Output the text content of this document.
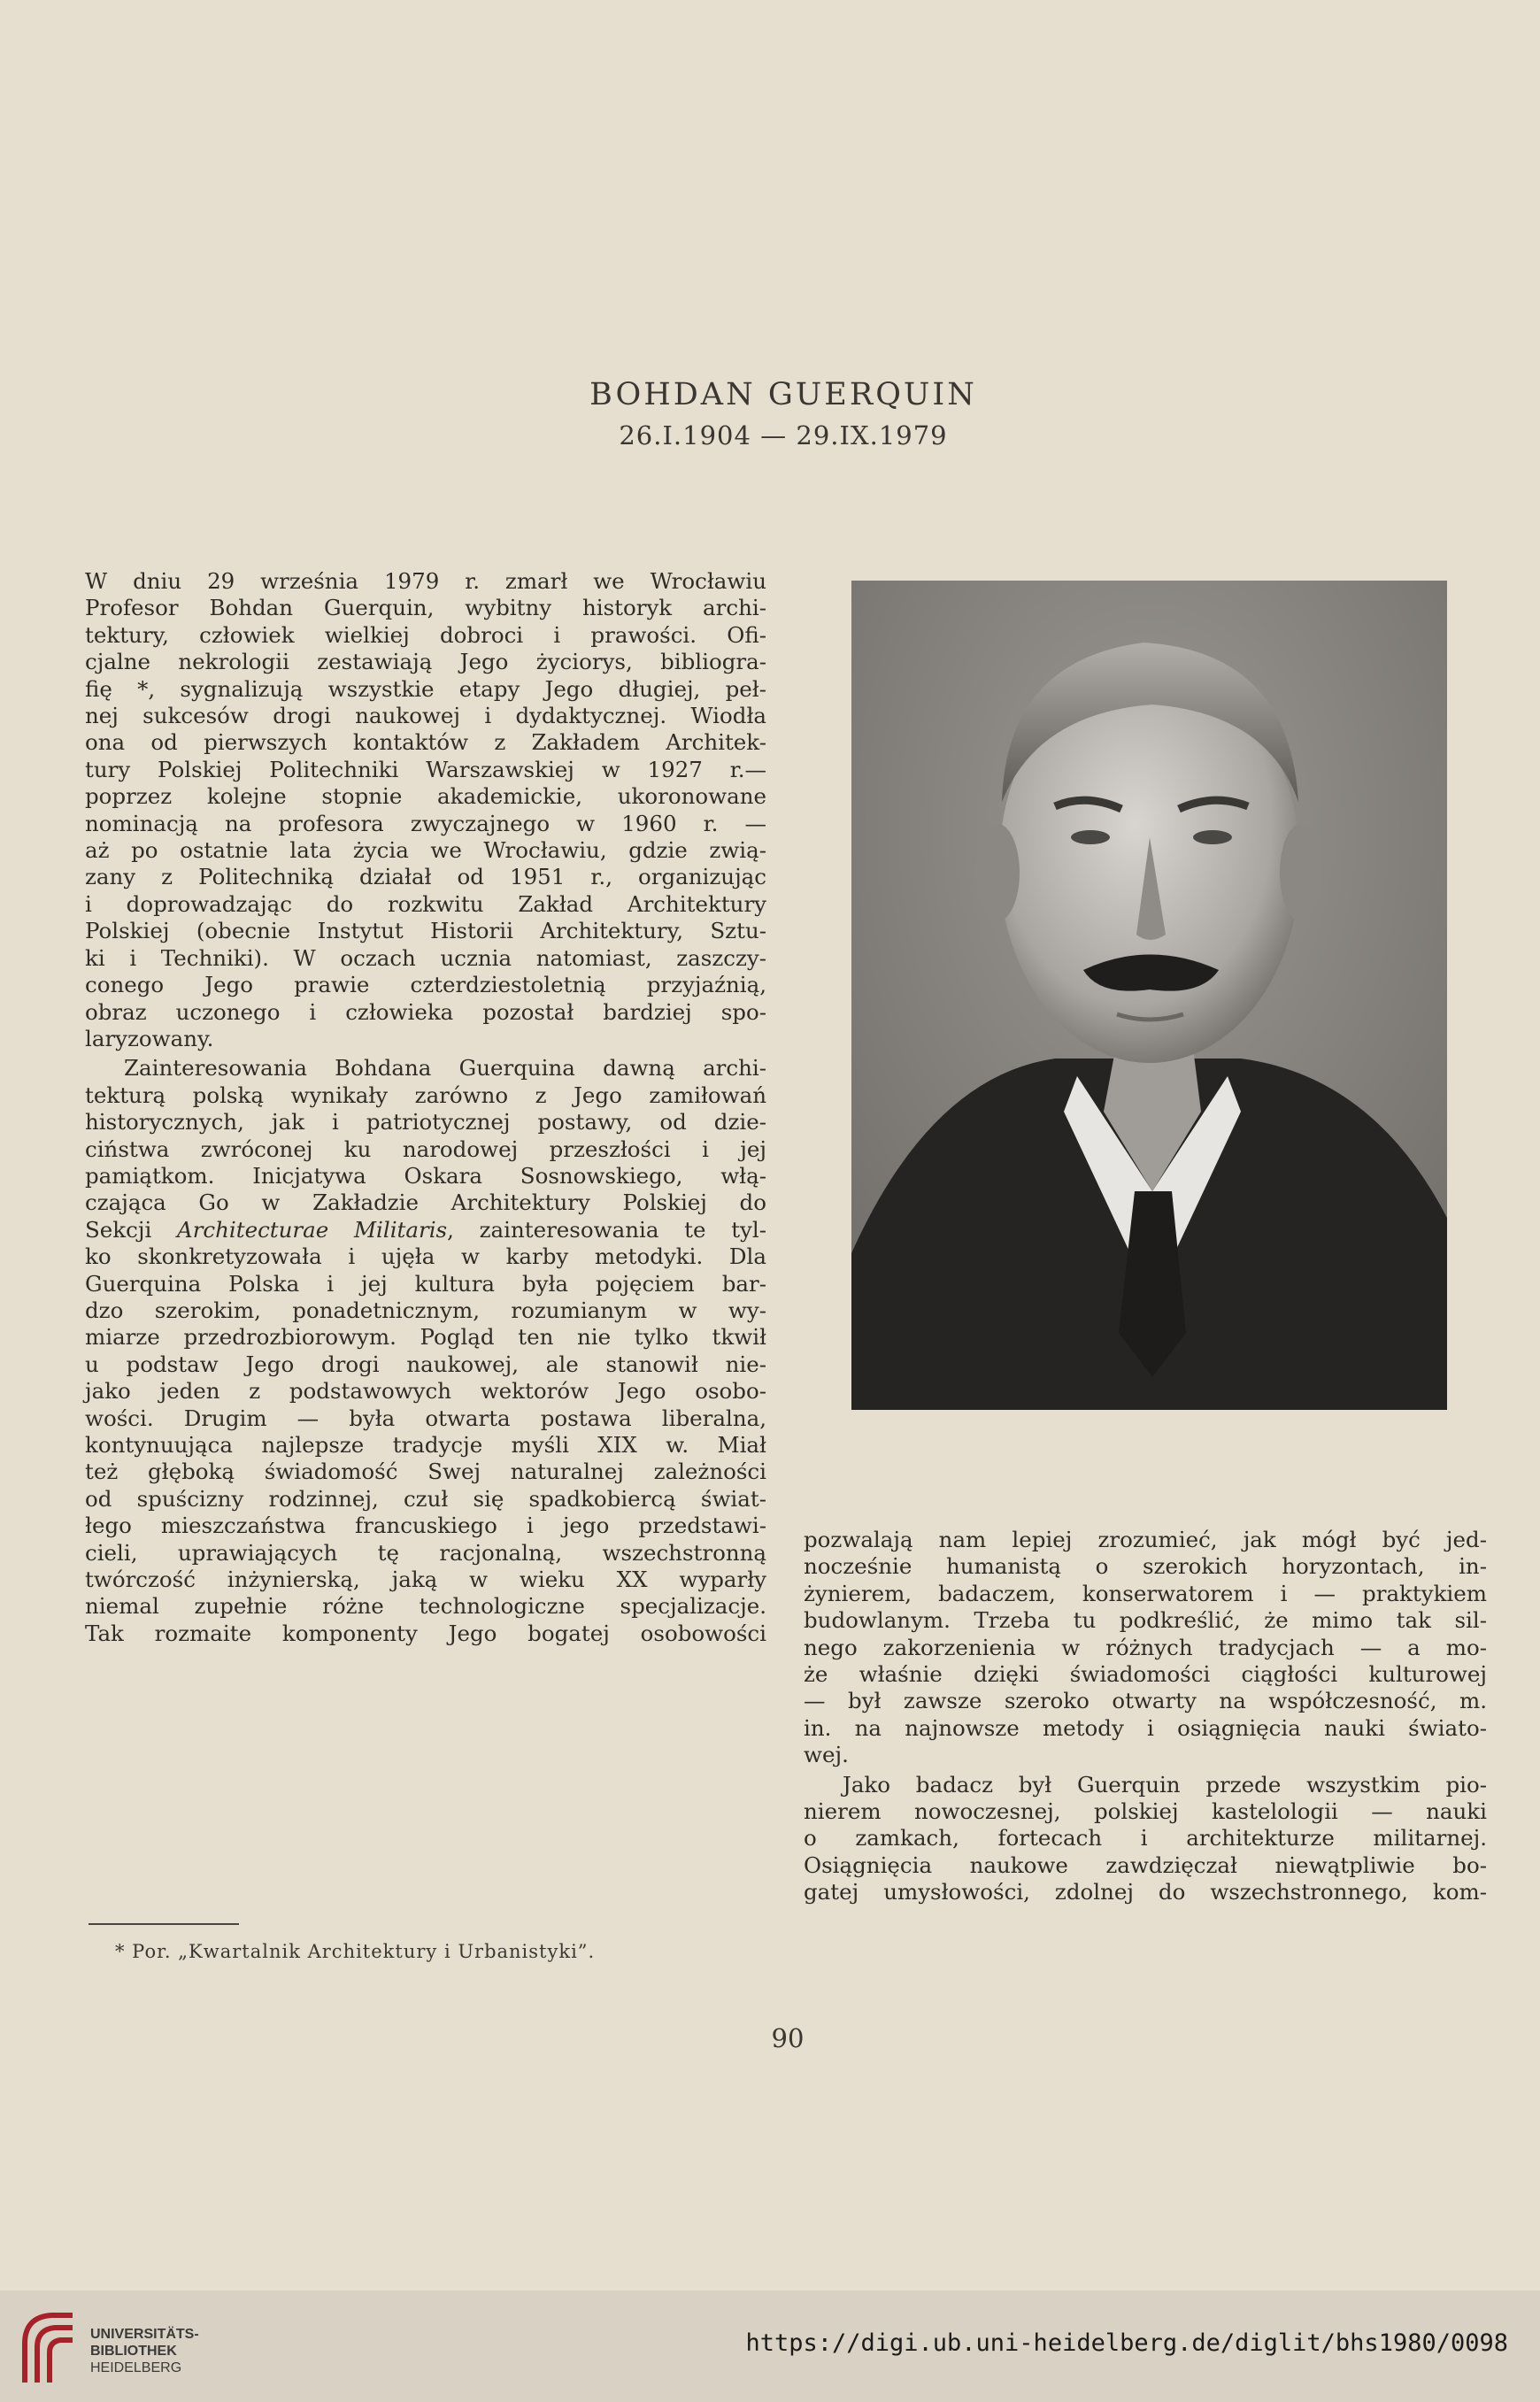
BOHDAN GUERQUIN
26.I.1904 — 29.IX.1979

W dniu 29 września 1979 r. zmarł we Wrocławiu

Profesor Bohdan Guerquin, wybitny historyk archi-

tektury, człowiek wielkiej dobroci i prawości. Ofi-

cjalne nekrologii zestawiają Jego życiorys, bibliogra-

fię *, sygnalizują wszystkie etapy Jego długiej, peł-

nej sukcesów drogi naukowej i dydaktycznej. Wiodła

ona od pierwszych kontaktów z Zakładem Architek-

tury Polskiej Politechniki Warszawskiej w 1927 r.—

poprzez kolejne stopnie akademickie, ukoronowane

nominacją na profesora zwyczajnego w 1960 r. —

aż po ostatnie lata życia we Wrocławiu, gdzie zwią-

zany z Politechniką działał od 1951 r., organizując

i doprowadzając do rozkwitu Zakład Architektury

Polskiej (obecnie Instytut Historii Architektury, Sztu-

ki i Techniki). W oczach ucznia natomiast, zaszczy-

conego Jego prawie czterdziestoletnią przyjaźnią,

obraz uczonego i człowieka pozostał bardziej spo-

laryzowany.

Zainteresowania Bohdana Guerquina dawną archi-

tekturą polską wynikały zarówno z Jego zamiłowań

historycznych, jak i patriotycznej postawy, od dzie-

ciństwa zwróconej ku narodowej przeszłości i jej

pamiątkom. Inicjatywa Oskara Sosnowskiego, włą-

czająca Go w Zakładzie Architektury Polskiej do

Sekcji Architecturae Militaris, zainteresowania te tyl-

ko skonkretyzowała i ujęła w karby metodyki. Dla

Guerquina Polska i jej kultura była pojęciem bar-

dzo szerokim, ponadetnicznym, rozumianym w wy-

miarze przedrozbiorowym. Pogląd ten nie tylko tkwił

u podstaw Jego drogi naukowej, ale stanowił nie-

jako jeden z podstawowych wektorów Jego osobo-

wości. Drugim — była otwarta postawa liberalna,

kontynuująca najlepsze tradycje myśli XIX w. Miał

też głęboką świadomość Swej naturalnej zależności

od spuścizny rodzinnej, czuł się spadkobiercą świat-

łego mieszczaństwa francuskiego i jego przedstawi-

cieli, uprawiających tę racjonalną, wszechstronną

twórczość inżynierską, jaką w wieku XX wyparły

niemal zupełnie różne technologiczne specjalizacje.

Tak rozmaite komponenty Jego bogatej osobowości

pozwalają nam lepiej zrozumieć, jak mógł być jed-

nocześnie humanistą o szerokich horyzontach, in-

żynierem, badaczem, konserwatorem i — praktykiem

budowlanym. Trzeba tu podkreślić, że mimo tak sil-

nego zakorzenienia w różnych tradycjach — a mo-

że właśnie dzięki świadomości ciągłości kulturowej

— był zawsze szeroko otwarty na współczesność, m.

in. na najnowsze metody i osiągnięcia nauki świato-

wej.

Jako badacz był Guerquin przede wszystkim pio-

nierem nowoczesnej, polskiej kastelologii — nauki

o zamkach, fortecach i architekturze militarnej.

Osiągnięcia naukowe zawdzięczał niewątpliwie bo-

gatej umysłowości, zdolnej do wszechstronnego, kom-

* Por. „Kwartalnik Architektury i Urbanistyki”.
90
UNIVERSITÄTS-
BIBLIOTHEK
HEIDELBERG
https://digi.ub.uni-heidelberg.de/diglit/bhs1980/0098
